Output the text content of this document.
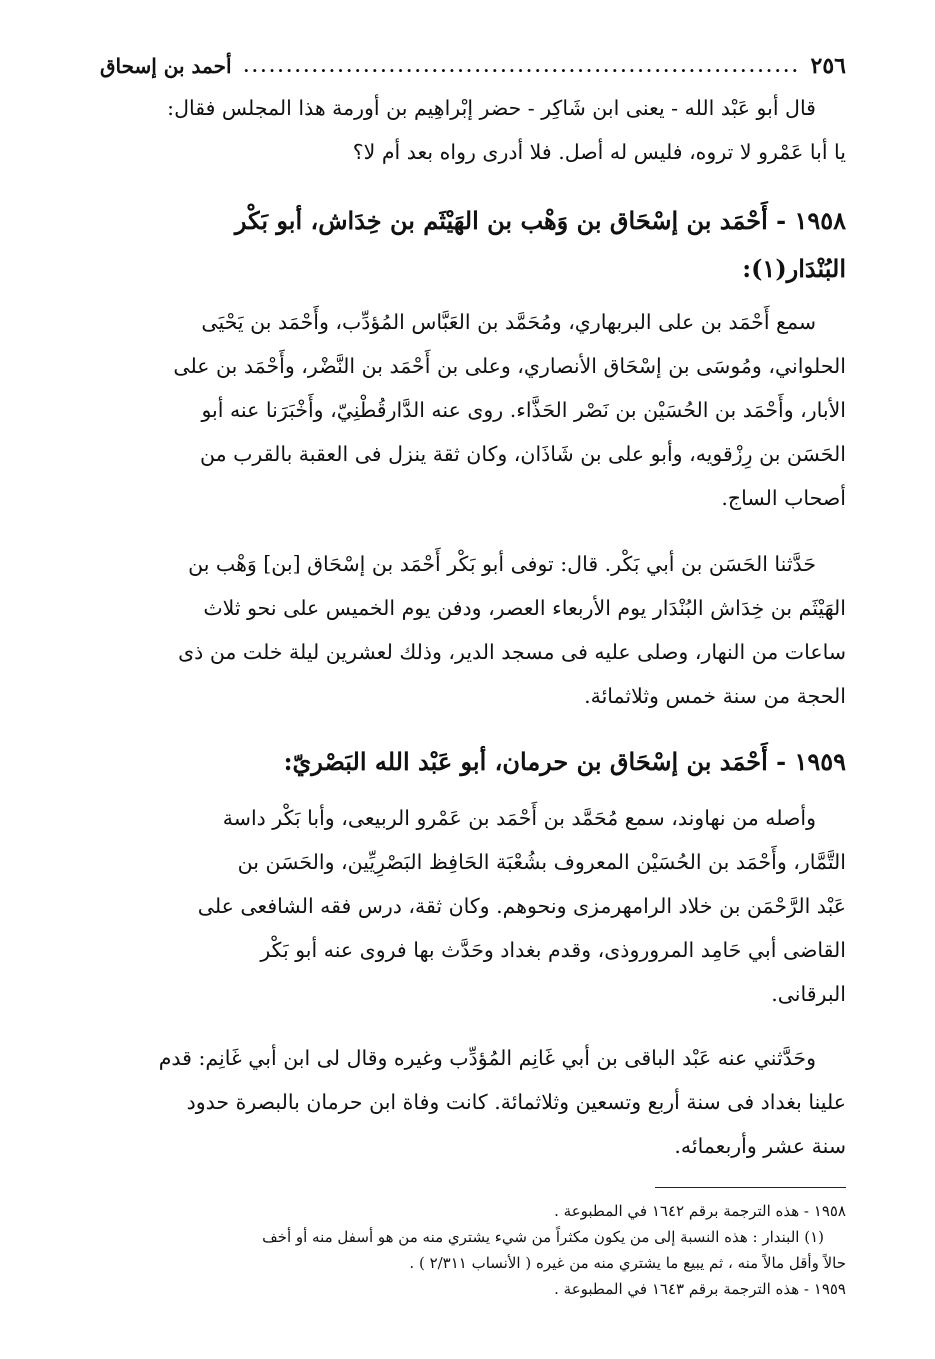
٢٥٦
.....
أحمد بن إسحاق

قال أبو عَبْد الله - يعنى ابن شَاكِر - حضر إبْراهِيم بن أورمة هذا المجلس فقال:

يا أبا عَمْرو لا تروه، فليس له أصل. فلا أدرى رواه بعد أم لا؟

١٩٥٨ - أَحْمَد بن إسْحَاق بن وَهْب بن الهَيْثَم بن خِدَاش، أبو بَكْر

البُنْدَار(١):

سمع أَحْمَد بن على البربهاري، ومُحَمَّد بن العَبَّاس المُؤدِّب، وأَحْمَد بن يَحْيَى

الحلواني، ومُوسَى بن إسْحَاق الأنصاري، وعلى بن أَحْمَد بن النَّضْر، وأَحْمَد بن على

الأبار، وأَحْمَد بن الحُسَيْن بن نَصْر الحَذَّاء. روى عنه الدَّارقُطْنِيّ، وأَخْبَرَنا عنه أبو

الحَسَن بن رِزْقويه، وأبو على بن شَاذَان، وكان ثقة ينزل فى العقبة بالقرب من

أصحاب الساج.

حَدَّثنا الحَسَن بن أبي بَكْر. قال: توفى أبو بَكْر أَحْمَد بن إسْحَاق [بن] وَهْب بن

الهَيْثَم بن خِدَاش البُنْدَار يوم الأربعاء العصر، ودفن يوم الخميس على نحو ثلاث

ساعات من النهار، وصلى عليه فى مسجد الدير، وذلك لعشرين ليلة خلت من ذى

الحجة من سنة خمس وثلاثمائة.

١٩٥٩ - أَحْمَد بن إسْحَاق بن حرمان، أبو عَبْد الله البَصْريّ:

وأصله من نهاوند، سمع مُحَمَّد بن أَحْمَد بن عَمْرو الربيعى، وأبا بَكْر داسة

التَّمَّار، وأَحْمَد بن الحُسَيْن المعروف بشُعْبَة الحَافِظ البَصْرِيِّين، والحَسَن بن

عَبْد الرَّحْمَن بن خلاد الرامهرمزى ونحوهم. وكان ثقة، درس فقه الشافعى على

القاضى أبي حَامِد المروروذى، وقدم بغداد وحَدَّث بها فروى عنه أبو بَكْر

البرقانى.

وحَدَّثني عنه عَبْد الباقى بن أبي غَانِم المُؤدِّب وغيره وقال لى ابن أبي غَانِم: قدم

علينا بغداد فى سنة أربع وتسعين وثلاثمائة. كانت وفاة ابن حرمان بالبصرة حدود

سنة عشر وأربعمائه.

١٩٥٨ - هذه الترجمة برقم ١٦٤٢ في المطبوعة .

(١) البندار : هذه النسبة إلى من يكون مكثراً من شيء يشتري منه من هو أسفل منه أو أخف

حالاً وأقل مالاً منه ، ثم يبيع ما يشتري منه من غيره ( الأنساب ٢/٣١١ ) .

١٩٥٩ - هذه الترجمة برقم ١٦٤٣ في المطبوعة .
